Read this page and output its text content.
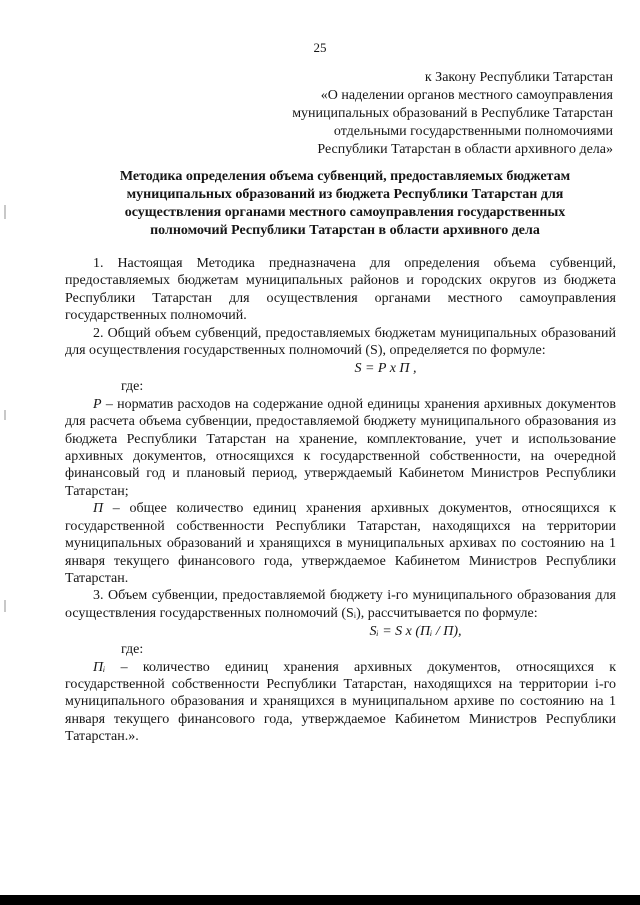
25
к Закону Республики Татарстан
«О наделении органов местного самоуправления
муниципальных образований в Республике Татарстан
отдельными государственными полномочиями
Республики Татарстан в области архивного дела»
Методика определения объема субвенций, предоставляемых бюджетам
муниципальных образований из бюджета Республики Татарстан для
осуществления органами местного самоуправления государственных
полномочий Республики Татарстан в области архивного дела

1. Настоящая Методика предназначена для определения объема субвенций, предоставляемых бюджетам муниципальных районов и городских округов из бюджета Республики Татарстан для осуществления органами местного самоуправления государственных полномочий.

2. Общий объем субвенций, предоставляемых бюджетам муниципальных образований для осуществления государственных полномочий (S), определяется по формуле:

S = P x П ,

где:

Р – норматив расходов на содержание одной единицы хранения архивных документов для расчета объема субвенции, предоставляемой бюджету муниципального образования из бюджета Республики Татарстан на хранение, комплектование, учет и использование архивных документов, относящихся к государственной собственности, на очередной финансовый год и плановый период, утверждаемый Кабинетом Министров Республики Татарстан;

П – общее количество единиц хранения архивных документов, относящихся к государственной собственности Республики Татарстан, находящихся на территории муниципальных образований и хранящихся в муниципальных архивах по состоянию на 1 января текущего финансового года, утверждаемое Кабинетом Министров Республики Татарстан.

3. Объем субвенции, предоставляемой бюджету i-го муниципального образования для осуществления государственных полномочий (Sᵢ), рассчитывается по формуле:

Sᵢ = S x (Пᵢ / П),

где:

Пᵢ – количество единиц хранения архивных документов, относящихся к государственной собственности Республики Татарстан, находящихся на территории i-го муниципального образования и хранящихся в муниципальном архиве по состоянию на 1 января текущего финансового года, утверждаемое Кабинетом Министров Республики Татарстан.».
